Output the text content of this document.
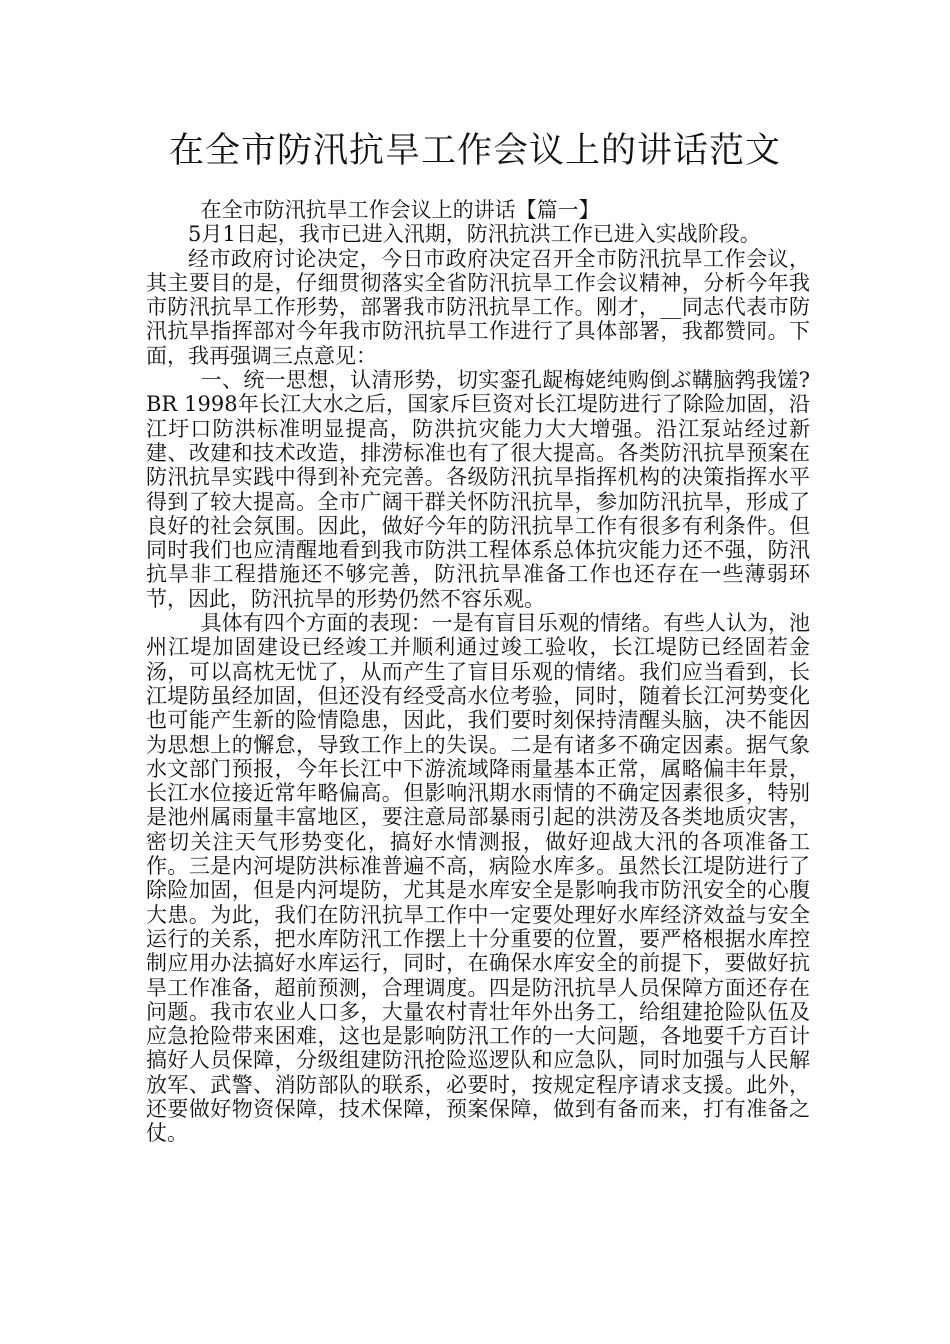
在全市防汛抗旱工作会议上的讲话范文

在全市防汛抗旱工作会议上的讲话【篇一】

5月1日起，我市已进入汛期，防汛抗洪工作已进入实战阶段。

经市政府讨论决定，今日市政府决定召开全市防汛抗旱工作会议，其主要目的是，仔细贯彻落实全省防汛抗旱工作会议精神，分析今年我市防汛抗旱工作形势，部署我市防汛抗旱工作。刚才，__同志代表市防汛抗旱指挥部对今年我市防汛抗旱工作进行了具体部署，我都赞同。下面，我再强调三点意见：

一、统一思想，认清形势，切实銮孔龊梅姥纯购倒ぶ鞲脑鹁我馐?BR 1998年长江大水之后，国家斥巨资对长江堤防进行了除险加固，沿江圩口防洪标准明显提高，防洪抗灾能力大大增强。沿江泵站经过新建、改建和技术改造，排涝标准也有了很大提高。各类防汛抗旱预案在防汛抗旱实践中得到补充完善。各级防汛抗旱指挥机构的决策指挥水平得到了较大提高。全市广阔干群关怀防汛抗旱，参加防汛抗旱，形成了良好的社会氛围。因此，做好今年的防汛抗旱工作有很多有利条件。但同时我们也应清醒地看到我市防洪工程体系总体抗灾能力还不强，防汛抗旱非工程措施还不够完善，防汛抗旱准备工作也还存在一些薄弱环节，因此，防汛抗旱的形势仍然不容乐观。

具体有四个方面的表现：一是有盲目乐观的情绪。有些人认为，池州江堤加固建设已经竣工并顺利通过竣工验收，长江堤防已经固若金汤，可以高枕无忧了，从而产生了盲目乐观的情绪。我们应当看到，长江堤防虽经加固，但还没有经受高水位考验，同时，随着长江河势变化也可能产生新的险情隐患，因此，我们要时刻保持清醒头脑，决不能因为思想上的懈怠，导致工作上的失误。二是有诸多不确定因素。据气象水文部门预报，今年长江中下游流域降雨量基本正常，属略偏丰年景，长江水位接近常年略偏高。但影响汛期水雨情的不确定因素很多，特别是池州属雨量丰富地区，要注意局部暴雨引起的洪涝及各类地质灾害，密切关注天气形势变化，搞好水情测报，做好迎战大汛的各项准备工作。三是内河堤防洪标准普遍不高，病险水库多。虽然长江堤防进行了除险加固，但是内河堤防，尤其是水库安全是影响我市防汛安全的心腹大患。为此，我们在防汛抗旱工作中一定要处理好水库经济效益与安全运行的关系，把水库防汛工作摆上十分重要的位置，要严格根据水库控制应用办法搞好水库运行，同时，在确保水库安全的前提下，要做好抗旱工作准备，超前预测，合理调度。四是防汛抗旱人员保障方面还存在问题。我市农业人口多，大量农村青壮年外出务工，给组建抢险队伍及应急抢险带来困难，这也是影响防汛工作的一大问题，各地要千方百计搞好人员保障，分级组建防汛抢险巡逻队和应急队，同时加强与人民解放军、武警、消防部队的联系，必要时，按规定程序请求支援。此外，还要做好物资保障，技术保障，预案保障，做到有备而来，打有准备之仗。
